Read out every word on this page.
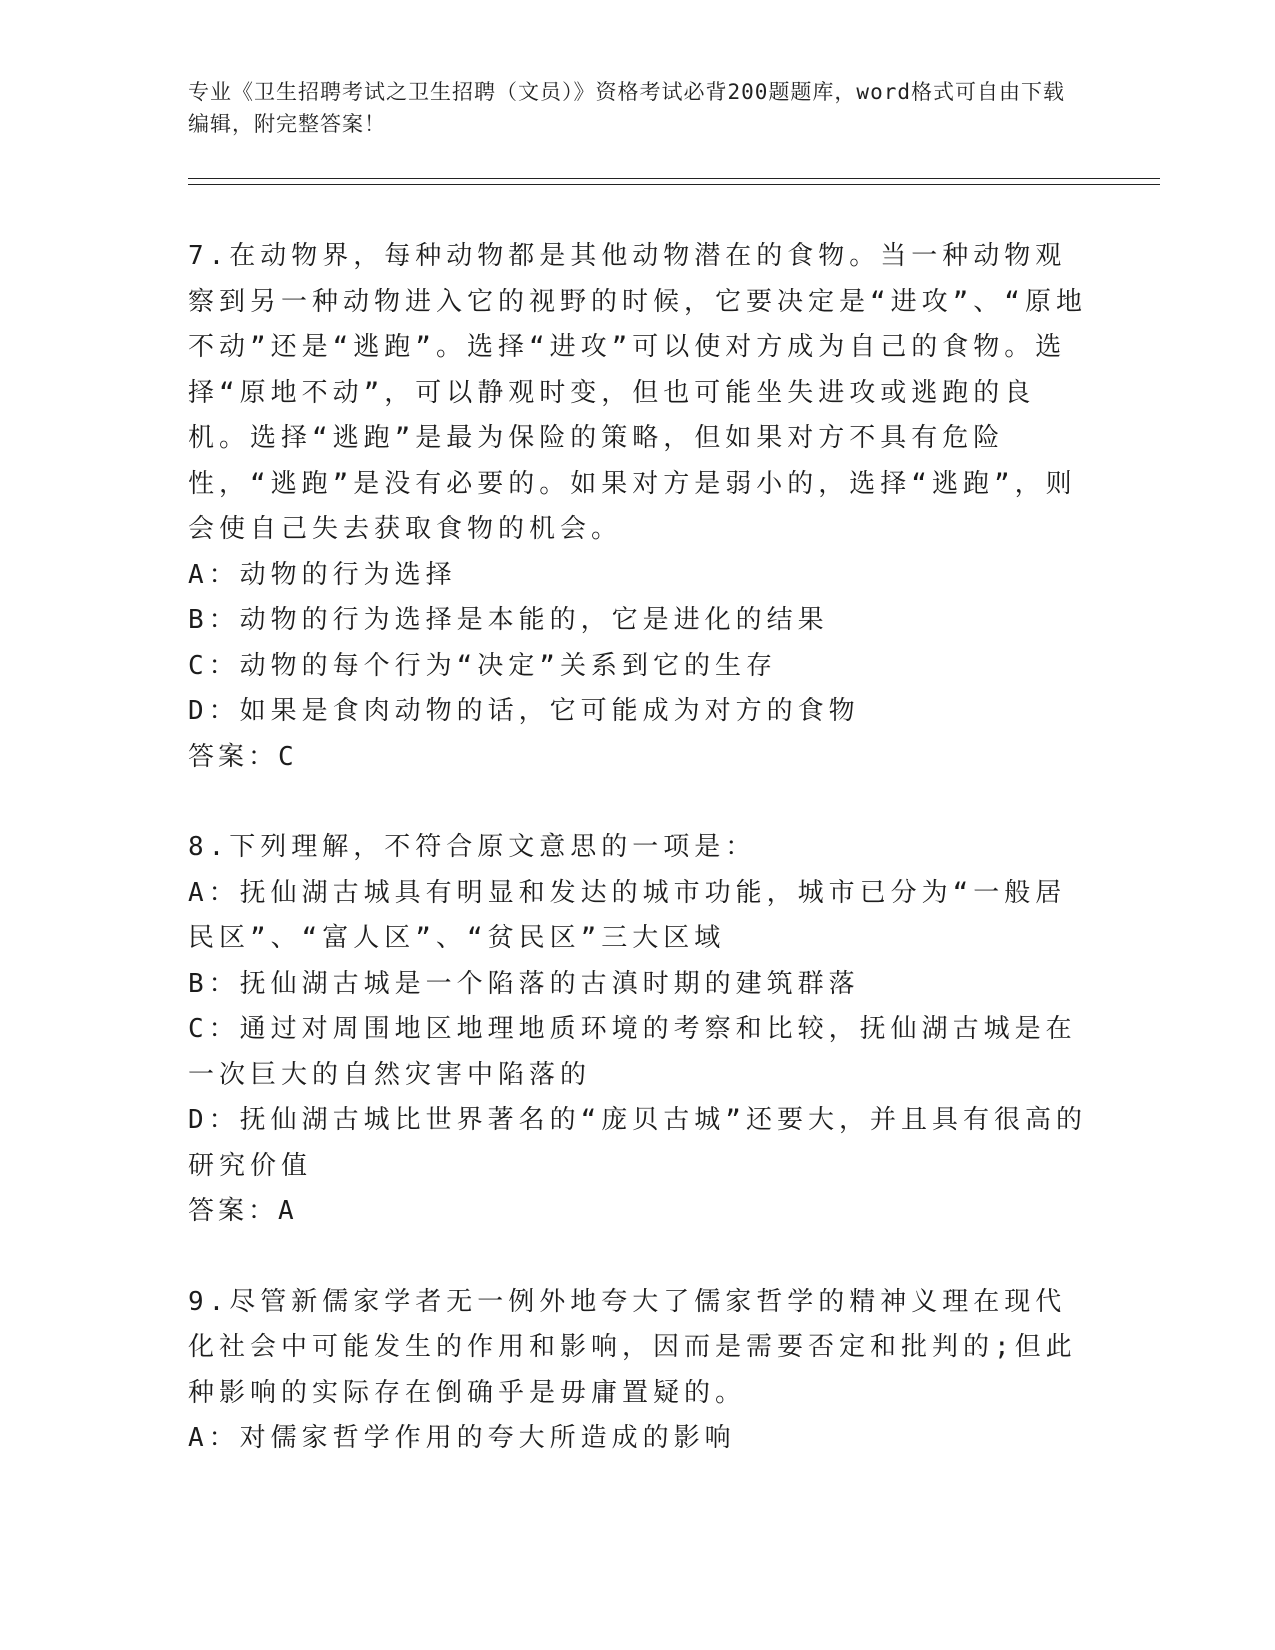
专业《卫生招聘考试之卫生招聘（文员）》资格考试必背200题题库，word格式可自由下载编辑，附完整答案！
7.在动物界，每种动物都是其他动物潜在的食物。当一种动物观察到另一种动物进入它的视野的时候，它要决定是“进攻”、“原地不动”还是“逃跑”。选择“进攻”可以使对方成为自己的食物。选择“原地不动”，可以静观时变，但也可能坐失进攻或逃跑的良机。选择“逃跑”是最为保险的策略，但如果对方不具有危险性，“逃跑”是没有必要的。如果对方是弱小的，选择“逃跑”，则会使自己失去获取食物的机会。
A：动物的行为选择
B：动物的行为选择是本能的，它是进化的结果
C：动物的每个行为“决定”关系到它的生存
D：如果是食肉动物的话，它可能成为对方的食物
答案：C
8.下列理解，不符合原文意思的一项是：
A：抚仙湖古城具有明显和发达的城市功能，城市已分为“一般居民区”、“富人区”、“贫民区”三大区域
B：抚仙湖古城是一个陷落的古滇时期的建筑群落
C：通过对周围地区地理地质环境的考察和比较，抚仙湖古城是在一次巨大的自然灾害中陷落的
D：抚仙湖古城比世界著名的“庞贝古城”还要大，并且具有很高的研究价值
答案：A
9.尽管新儒家学者无一例外地夸大了儒家哲学的精神义理在现代化社会中可能发生的作用和影响，因而是需要否定和批判的;但此种影响的实际存在倒确乎是毋庸置疑的。
A：对儒家哲学作用的夸大所造成的影响
